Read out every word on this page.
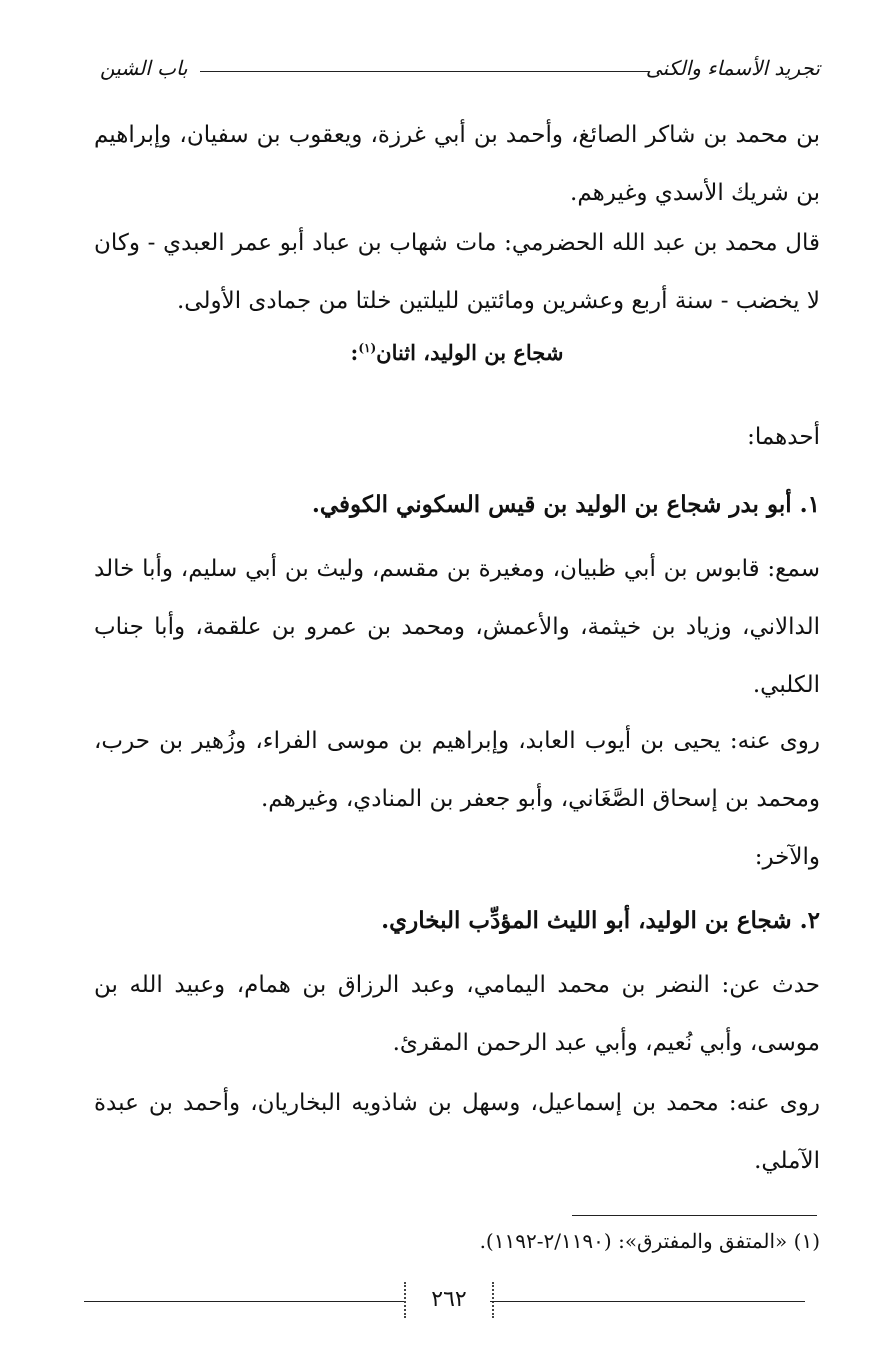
تجريد الأسماء والكنى
باب الشين
بن محمد بن شاكر الصائغ، وأحمد بن أبي غرزة، ويعقوب بن سفيان، وإبراهيم بن شريك الأسدي وغيرهم.
قال محمد بن عبد الله الحضرمي: مات شهاب بن عباد أبو عمر العبدي - وكان لا يخضب - سنة أربع وعشرين ومائتين لليلتين خلتا من جمادى الأولى.
شجاع بن الوليد، اثنان$^{(١)}$:
أحدهما:
١. أبو بدر شجاع بن الوليد بن قيس السكوني الكوفي.
سمع: قابوس بن أبي ظبيان، ومغيرة بن مقسم، وليث بن أبي سليم، وأبا خالد الدالاني، وزياد بن خيثمة، والأعمش، ومحمد بن عمرو بن علقمة، وأبا جناب الكلبي.
روى عنه: يحيى بن أيوب العابد، وإبراهيم بن موسى الفراء، وزُهير بن حرب، ومحمد بن إسحاق الصَّغَاني، وأبو جعفر بن المنادي، وغيرهم.
والآخر:
٢. شجاع بن الوليد، أبو الليث المؤدِّب البخاري.
حدث عن: النضر بن محمد اليمامي، وعبد الرزاق بن همام، وعبيد الله بن موسى، وأبي نُعيم، وأبي عبد الرحمن المقرئ.
روى عنه: محمد بن إسماعيل، وسهل بن شاذويه البخاريان، وأحمد بن عبدة الآملي.
(١) «المتفق والمفترق»: (٢/١١٩٠-١١٩٢).
٢٦٢
